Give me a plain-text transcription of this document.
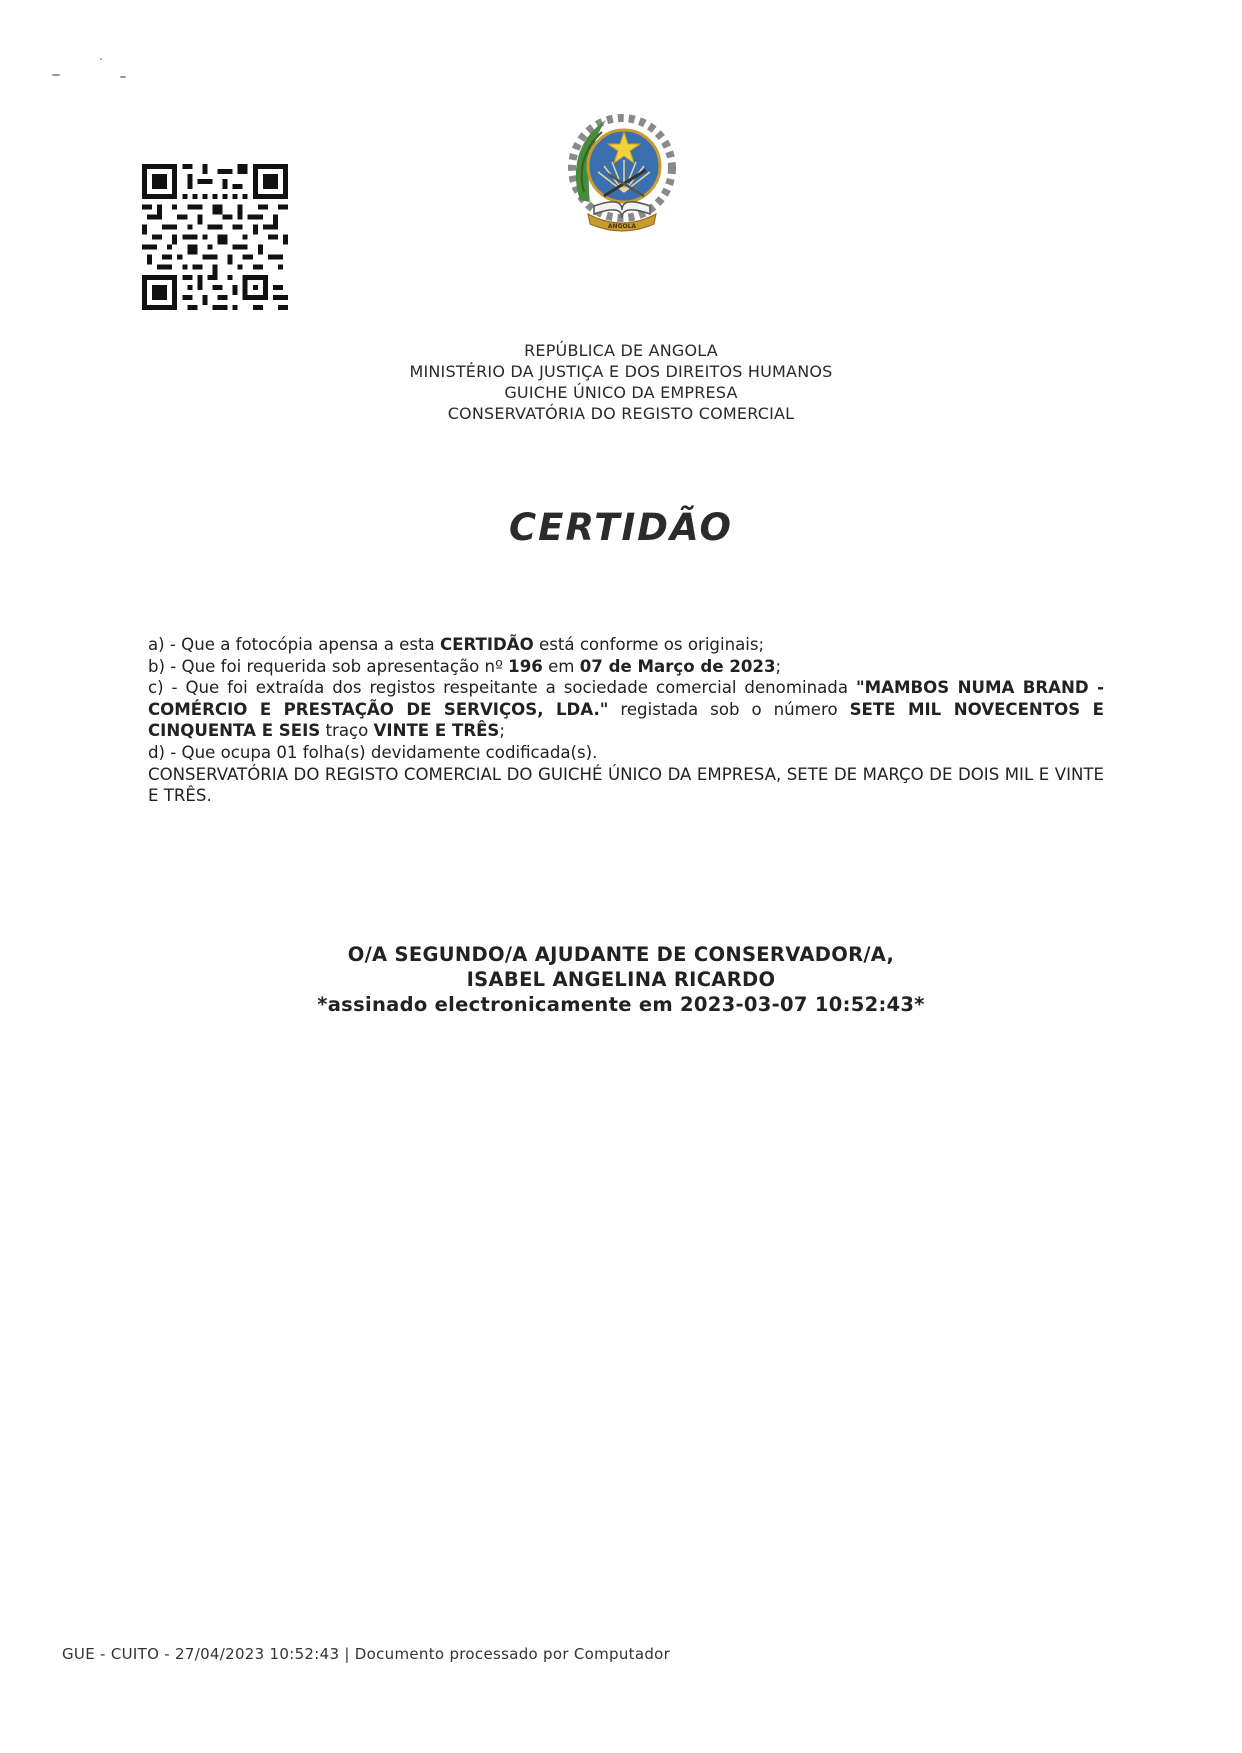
ANGOLA
REPÚBLICA DE ANGOLA
MINISTÉRIO DA JUSTIÇA E DOS DIREITOS HUMANOS
GUICHE ÚNICO DA EMPRESA
CONSERVATÓRIA DO REGISTO COMERCIAL
CERTIDÃO

a) - Que a fotocópia apensa a esta CERTIDÃO está conforme os originais;

b) - Que foi requerida sob apresentação nº 196 em 07 de Março de 2023;

c) - Que foi extraída dos registos respeitante a sociedade comercial denominada "MAMBOS NUMA BRAND - COMÉRCIO E PRESTAÇÃO DE SERVIÇOS, LDA." registada sob o número SETE MIL NOVECENTOS E CINQUENTA E SEIS traço VINTE E TRÊS;

d) - Que ocupa 01 folha(s) devidamente codificada(s).

CONSERVATÓRIA DO REGISTO COMERCIAL DO GUICHÉ ÚNICO DA EMPRESA, SETE DE MARÇO DE DOIS MIL E VINTE E TRÊS.

O/A SEGUNDO/A AJUDANTE DE CONSERVADOR/A,
ISABEL ANGELINA RICARDO
*assinado electronicamente em 2023-03-07 10:52:43*
GUE - CUITO - 27/04/2023 10:52:43 | Documento processado por Computador
